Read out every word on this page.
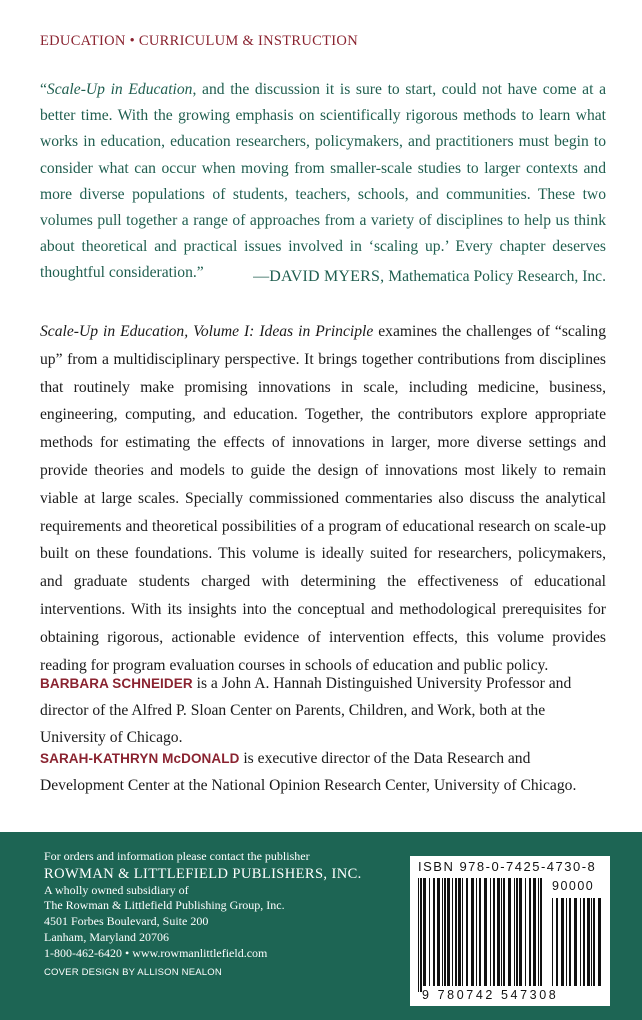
EDUCATION • CURRICULUM & INSTRUCTION

“Scale-Up in Education, and the discussion it is sure to start, could not have come at a better time. With the growing emphasis on scientifically rigorous methods to learn what works in education, education researchers, policymakers, and practitioners must begin to consider what can occur when moving from smaller-scale studies to larger contexts and more diverse populations of students, teachers, schools, and communities. These two volumes pull together a range of approaches from a variety of disciplines to help us think about theoretical and practical issues involved in ‘scaling up.’ Every chapter deserves thoughtful consideration.”	—DAVID MYERS, Mathematica Policy Research, Inc.

Scale-Up in Education, Volume I: Ideas in Principle examines the challenges of “scaling up” from a multidisciplinary perspective. It brings together contributions from disciplines that routinely make promising innovations in scale, including medicine, business, engineering, computing, and education. Together, the contributors explore appropriate methods for estimating the effects of innovations in larger, more diverse settings and provide theories and models to guide the design of innovations most likely to remain viable at large scales. Specially commissioned commentaries also discuss the analytical requirements and theoretical possibilities of a program of educational research on scale-up built on these foundations. This volume is ideally suited for researchers, policymakers, and graduate students charged with determining the effectiveness of educational interventions. With its insights into the conceptual and methodological prerequisites for obtaining rigorous, actionable evidence of intervention effects, this volume provides reading for program evaluation courses in schools of education and public policy.

BARBARA SCHNEIDER is a John A. Hannah Distinguished University Professor and director of the Alfred P. Sloan Center on Parents, Children, and Work, both at the University of Chicago.

SARAH-KATHRYN McDONALD is executive director of the Data Research and Development Center at the National Opinion Research Center, University of Chicago.

For orders and information please contact the publisher
ROWMAN & LITTLEFIELD PUBLISHERS, INC.
A wholly owned subsidiary of
The Rowman & Littlefield Publishing Group, Inc.
4501 Forbes Boulevard, Suite 200
Lanham, Maryland 20706
1-800-462-6420 • www.rowmanlittlefield.com
COVER DESIGN BY ALLISON NEALON
ISBN 978-0-7425-4730-8
90000
9 780742 547308
